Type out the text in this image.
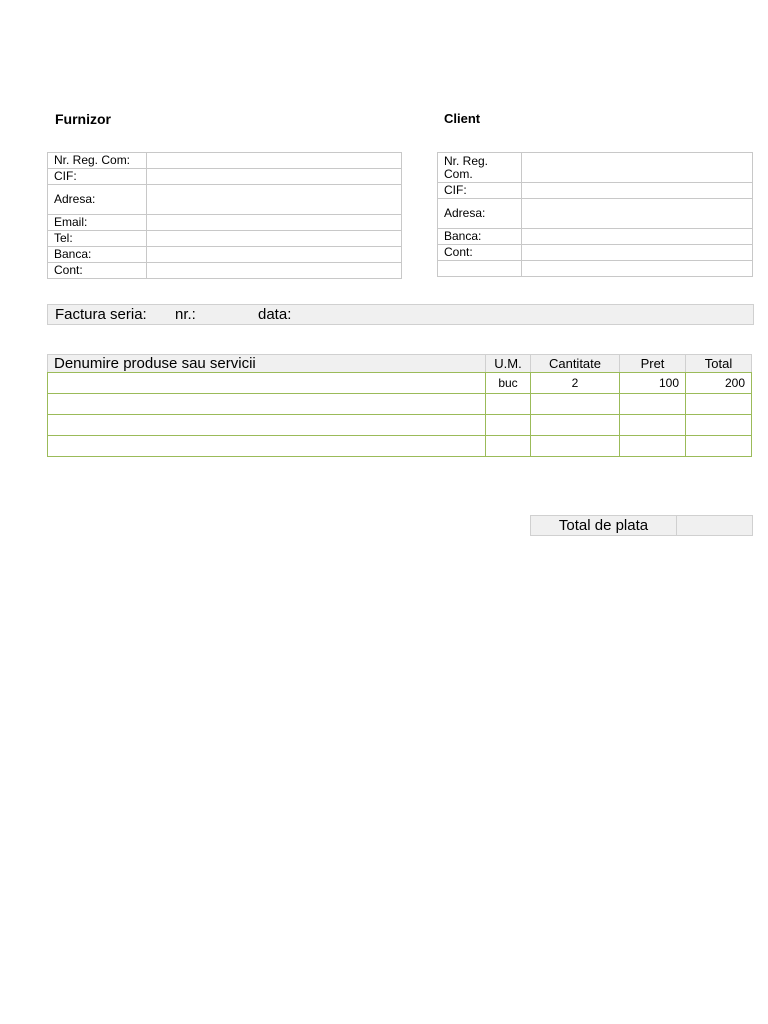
Furnizor
Nr. Reg. Com:	
CIF:	
Adresa:	
Email:	
Tel:	
Banca:	
Cont:	
Client
Nr. Reg.
Com.	

CIF:	
Adresa:	
Banca:	
Cont:	

Factura seria: nr.:	data:
Denumire produse sau servicii	U.M.	Cantitate	Pret	Total
	buc	2	100	200

Total de plata	
